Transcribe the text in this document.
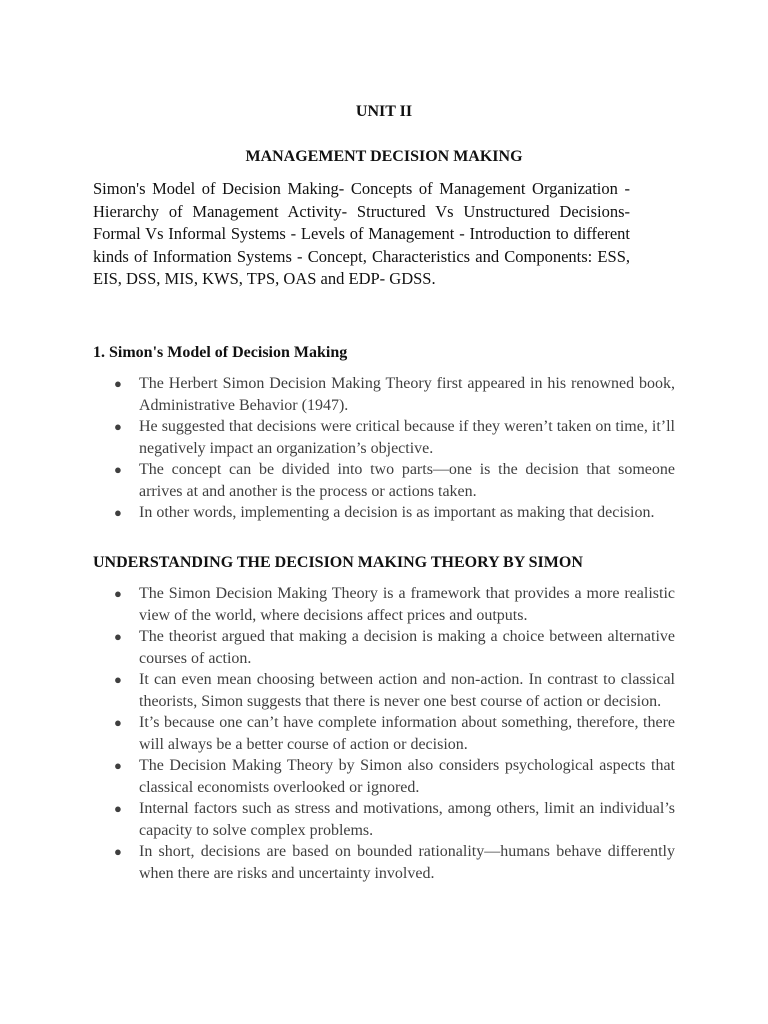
UNIT II
MANAGEMENT DECISION MAKING
Simon's Model of Decision Making- Concepts of Management Organization - Hierarchy of Management Activity- Structured Vs Unstructured Decisions- Formal Vs Informal Systems - Levels of Management - Introduction to different kinds of Information Systems - Concept, Characteristics and Components: ESS, EIS, DSS, MIS, KWS, TPS, OAS and EDP- GDSS.
1. Simon's Model of Decision Making
● The Herbert Simon Decision Making Theory first appeared in his renowned book, Administrative Behavior (1947).
● He suggested that decisions were critical because if they weren’t taken on time, it’ll negatively impact an organization’s objective.
● The concept can be divided into two parts—one is the decision that someone arrives at and another is the process or actions taken.
● In other words, implementing a decision is as important as making that decision.
UNDERSTANDING THE DECISION MAKING THEORY BY SIMON
● The Simon Decision Making Theory is a framework that provides a more realistic view of the world, where decisions affect prices and outputs.
● The theorist argued that making a decision is making a choice between alternative courses of action.
● It can even mean choosing between action and non-action. In contrast to classical theorists, Simon suggests that there is never one best course of action or decision.
● It’s because one can’t have complete information about something, therefore, there will always be a better course of action or decision.
● The Decision Making Theory by Simon also considers psychological aspects that classical economists overlooked or ignored.
● Internal factors such as stress and motivations, among others, limit an individual’s capacity to solve complex problems.
● In short, decisions are based on bounded rationality—humans behave differently when there are risks and uncertainty involved.
